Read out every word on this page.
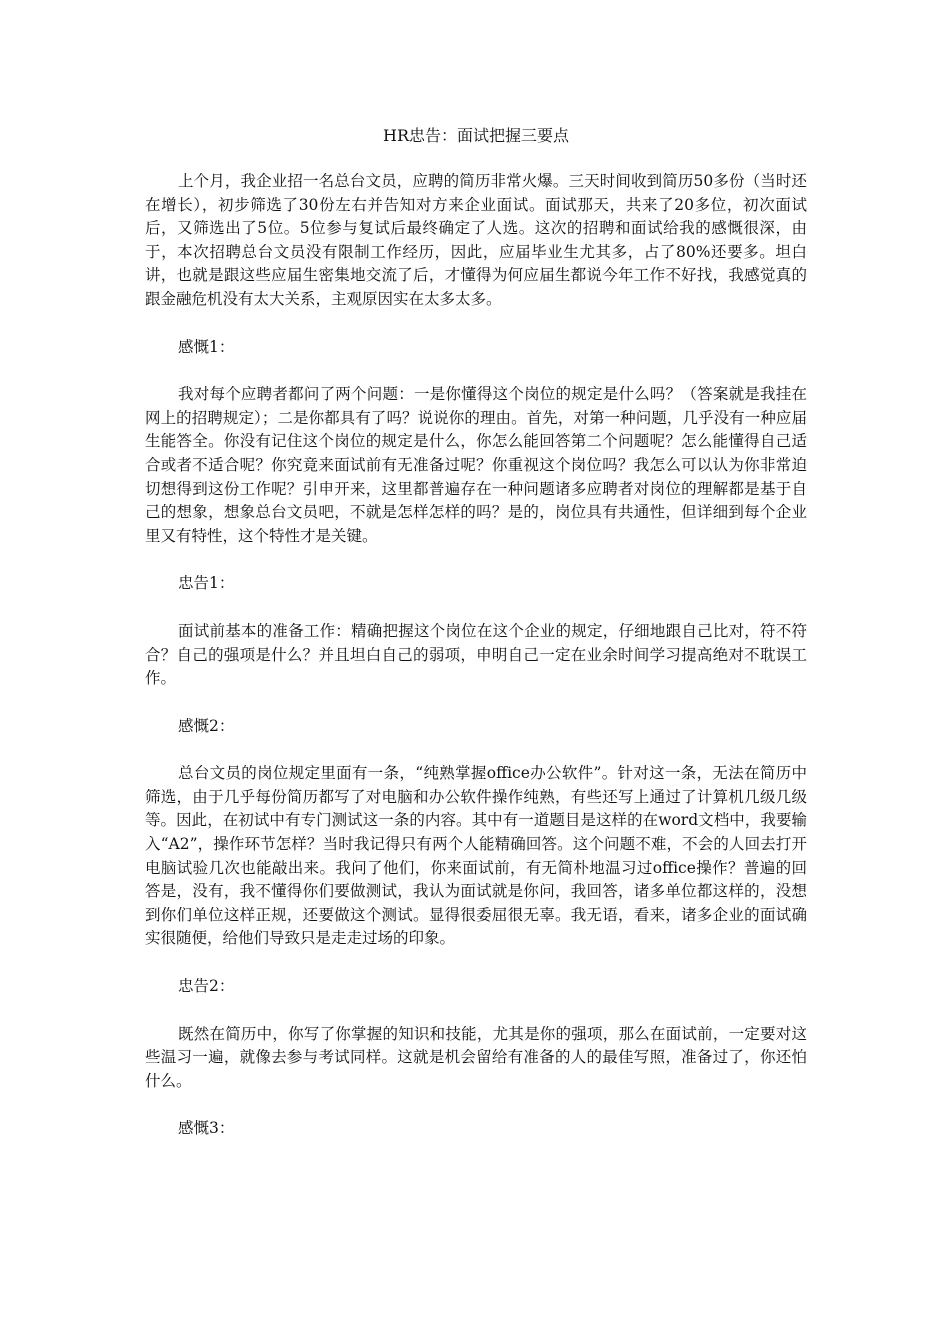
HR忠告：面试把握三要点

上个月，我企业招一名总台文员，应聘的简历非常火爆。三天时间收到简历50多份（当时还在增长），初步筛选了30份左右并告知对方来企业面试。面试那天，共来了20多位，初次面试后，又筛选出了5位。5位参与复试后最终确定了人选。这次的招聘和面试给我的感慨很深，由于，本次招聘总台文员没有限制工作经历，因此，应届毕业生尤其多，占了80%还要多。坦白讲，也就是跟这些应届生密集地交流了后，才懂得为何应届生都说今年工作不好找，我感觉真的跟金融危机没有太大关系，主观原因实在太多太多。

感慨1：

我对每个应聘者都问了两个问题：一是你懂得这个岗位的规定是什么吗？（答案就是我挂在网上的招聘规定）；二是你都具有了吗？说说你的理由。首先，对第一种问题，几乎没有一种应届生能答全。你没有记住这个岗位的规定是什么，你怎么能回答第二个问题呢？怎么能懂得自己适合或者不适合呢？你究竟来面试前有无准备过呢？你重视这个岗位吗？我怎么可以认为你非常迫切想得到这份工作呢？引申开来，这里都普遍存在一种问题诸多应聘者对岗位的理解都是基于自己的想象，想象总台文员吧，不就是怎样怎样的吗？是的，岗位具有共通性，但详细到每个企业里又有特性，这个特性才是关键。

忠告1：

面试前基本的准备工作：精确把握这个岗位在这个企业的规定，仔细地跟自己比对，符不符合？自己的强项是什么？并且坦白自己的弱项，申明自己一定在业余时间学习提高绝对不耽误工作。

感慨2：

总台文员的岗位规定里面有一条，“纯熟掌握office办公软件”。针对这一条，无法在简历中筛选，由于几乎每份简历都写了对电脑和办公软件操作纯熟，有些还写上通过了计算机几级几级等。因此，在初试中有专门测试这一条的内容。其中有一道题目是这样的在word文档中，我要输入“A2”，操作环节怎样？当时我记得只有两个人能精确回答。这个问题不难，不会的人回去打开电脑试验几次也能敲出来。我问了他们，你来面试前，有无简朴地温习过office操作？普遍的回答是，没有，我不懂得你们要做测试，我认为面试就是你问，我回答，诸多单位都这样的，没想到你们单位这样正规，还要做这个测试。显得很委屈很无辜。我无语，看来，诸多企业的面试确实很随便，给他们导致只是走走过场的印象。

忠告2：

既然在简历中，你写了你掌握的知识和技能，尤其是你的强项，那么在面试前，一定要对这些温习一遍，就像去参与考试同样。这就是机会留给有准备的人的最佳写照，准备过了，你还怕什么。

感慨3：
